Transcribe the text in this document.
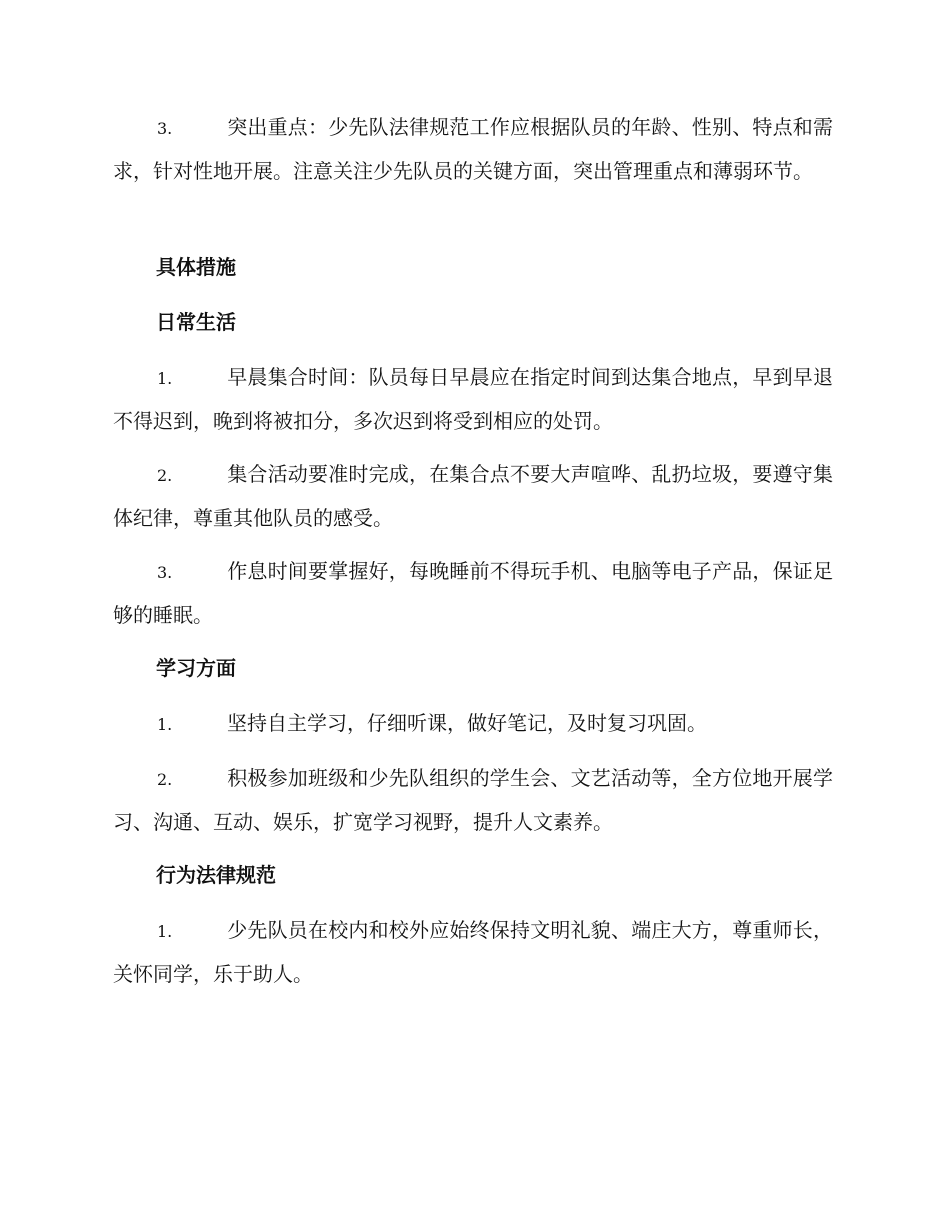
3.	突出重点：少先队法律规范工作应根据队员的年龄、性别、特点和需求，针对性地开展。注意关注少先队员的关键方面，突出管理重点和薄弱环节。

具体措施
日常生活

1.	早晨集合时间：队员每日早晨应在指定时间到达集合地点，早到早退不得迟到，晚到将被扣分，多次迟到将受到相应的处罚。

2.	集合活动要准时完成，在集合点不要大声喧哗、乱扔垃圾，要遵守集体纪律，尊重其他队员的感受。

3.	作息时间要掌握好，每晚睡前不得玩手机、电脑等电子产品，保证足够的睡眠。

学习方面

1.	坚持自主学习，仔细听课，做好笔记，及时复习巩固。

2.	积极参加班级和少先队组织的学生会、文艺活动等，全方位地开展学习、沟通、互动、娱乐，扩宽学习视野，提升人文素养。

行为法律规范

1.	少先队员在校内和校外应始终保持文明礼貌、端庄大方，尊重师长，关怀同学，乐于助人。
